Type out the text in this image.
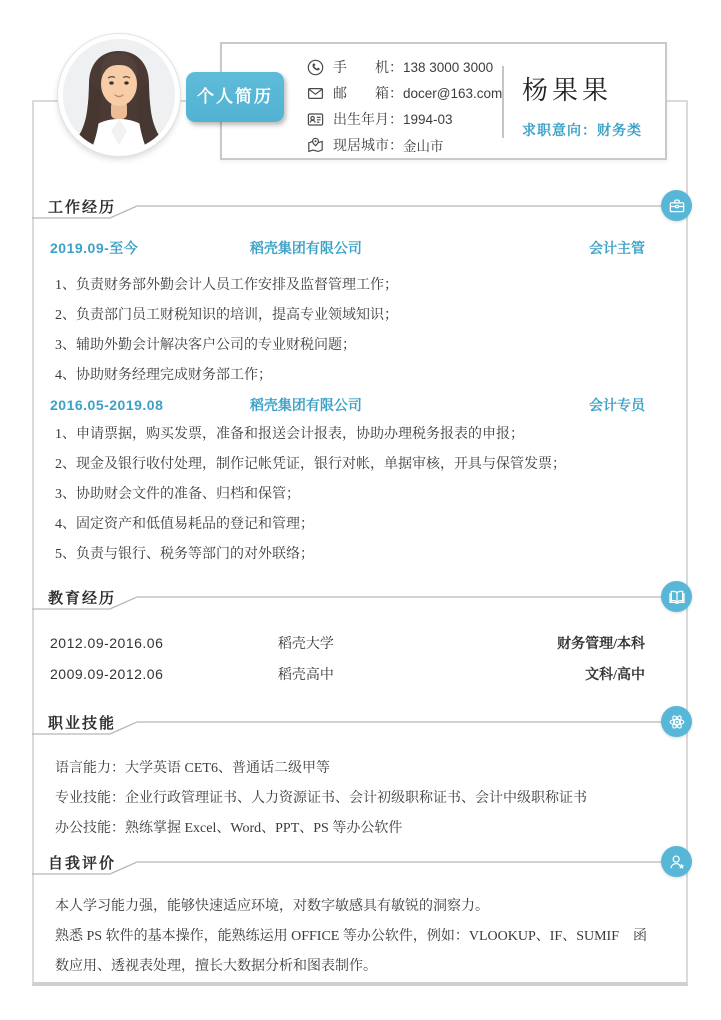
个人简历
手　　机： 138 3000 3000
邮　　箱： docer@163.com
出生年月： 1994-03
现居城市： 金山市
杨果果
求职意向：财务类
工作经历
2019.09-至今	稻壳集团有限公司	会计主管
1、负责财务部外勤会计人员工作安排及监督管理工作；
2、负责部门员工财税知识的培训，提高专业领域知识；
3、辅助外勤会计解决客户公司的专业财税问题；
4、协助财务经理完成财务部工作；
2016.05-2019.08	稻壳集团有限公司	会计专员
1、申请票据，购买发票，准备和报送会计报表，协助办理税务报表的申报；
2、现金及银行收付处理，制作记帐凭证，银行对帐，单据审核，开具与保管发票；
3、协助财会文件的准备、归档和保管；
4、固定资产和低值易耗品的登记和管理；
5、负责与银行、税务等部门的对外联络；
教育经历
2012.09-2016.06	稻壳大学	财务管理/本科
2009.09-2012.06	稻壳高中	文科/高中
职业技能
语言能力：大学英语 CET6、普通话二级甲等
专业技能：企业行政管理证书、人力资源证书、会计初级职称证书、会计中级职称证书
办公技能：熟练掌握 Excel、Word、PPT、PS 等办公软件
自我评价

本人学习能力强，能够快速适应环境，对数字敏感具有敏锐的洞察力。

熟悉 PS 软件的基本操作，能熟练运用 OFFICE 等办公软件，例如：VLOOKUP、IF、SUMIF　函数应用、透视表处理，擅长大数据分析和图表制作。
